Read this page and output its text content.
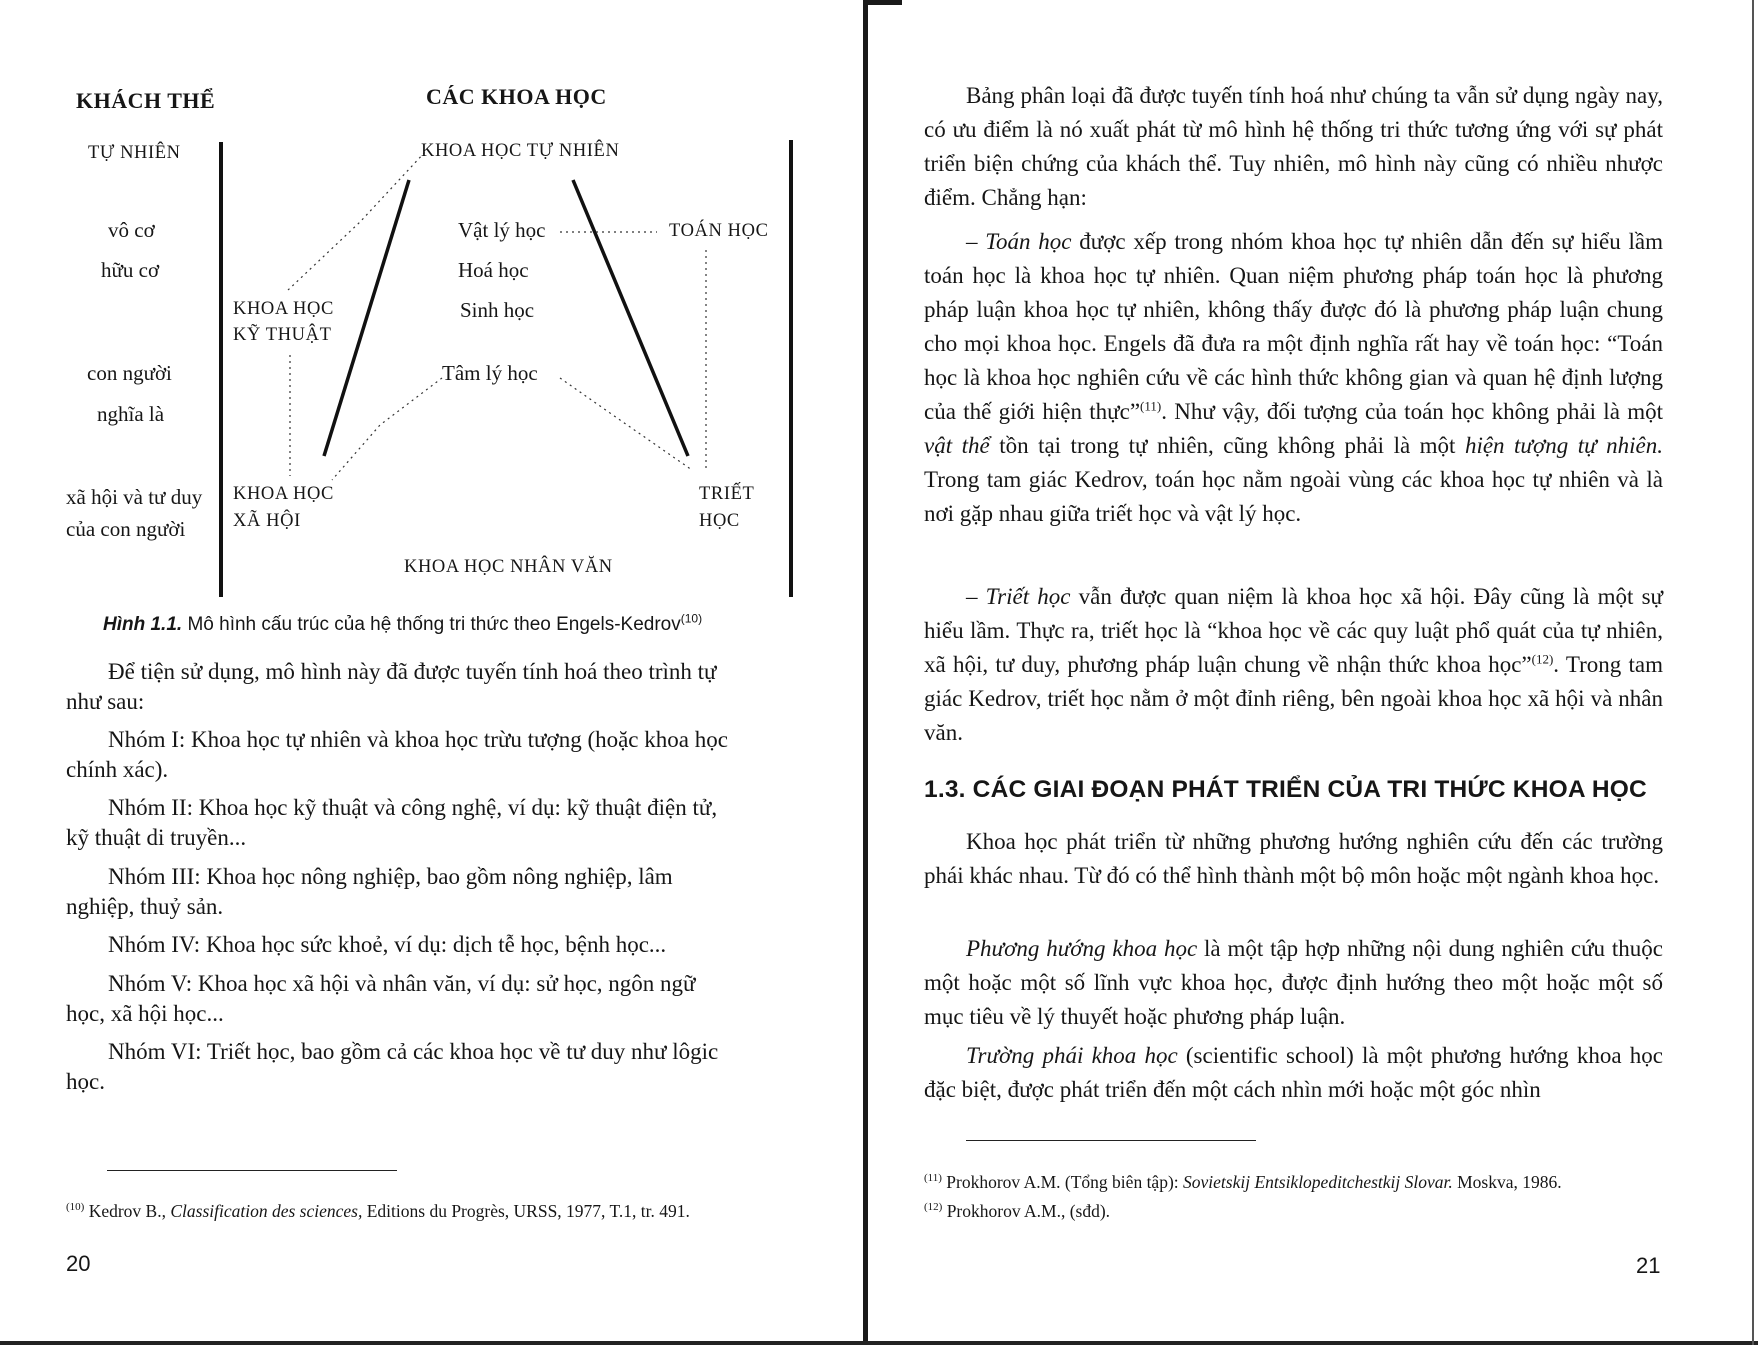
KHÁCH THỂ	CÁC KHOA HỌC
TỰ NHIÊN
vô cơ
hữu cơ
con người
nghĩa là
xã hội và tư duy
của con người
KHOA HỌC TỰ NHIÊN
Vật lý học
Hoá học
Sinh học
Tâm lý học
TOÁN HỌC
KHOA HỌC
KỸ THUẬT
KHOA HỌC
XÃ HỘI
TRIẾT
HỌC
KHOA HỌC NHÂN VĂN
Hình 1.1. Mô hình cấu trúc của hệ thống tri thức theo Engels-Kedrov$^{(10)}$

Để tiện sử dụng, mô hình này đã được tuyến tính hoá theo trình tự
như sau:

Nhóm I: Khoa học tự nhiên và khoa học trừu tượng (hoặc khoa học
chính xác).

Nhóm II: Khoa học kỹ thuật và công nghệ, ví dụ: kỹ thuật điện tử,
kỹ thuật di truyền...

Nhóm III: Khoa học nông nghiệp, bao gồm nông nghiệp, lâm
nghiệp, thuỷ sản.

Nhóm IV: Khoa học sức khoẻ, ví dụ: dịch tễ học, bệnh học...

Nhóm V: Khoa học xã hội và nhân văn, ví dụ: sử học, ngôn ngữ
học, xã hội học...

Nhóm VI: Triết học, bao gồm cả các khoa học về tư duy như lôgic
học.

$^{(10)}$ Kedrov B., Classification des sciences, Editions du Progrès, URSS, 1977, T.1, tr. 491.
20

Bảng phân loại đã được tuyến tính hoá như chúng ta vẫn sử dụng ngày nay, có ưu điểm là nó xuất phát từ mô hình hệ thống tri thức tương ứng với sự phát triển biện chứng của khách thể. Tuy nhiên, mô hình này cũng có nhiều nhược điểm. Chẳng hạn:

– Toán học được xếp trong nhóm khoa học tự nhiên dẫn đến sự hiểu lầm toán học là khoa học tự nhiên. Quan niệm phương pháp toán học là phương pháp luận khoa học tự nhiên, không thấy được đó là phương pháp luận chung cho mọi khoa học. Engels đã đưa ra một định nghĩa rất hay về toán học: “Toán học là khoa học nghiên cứu về các hình thức không gian và quan hệ định lượng của thế giới hiện thực”$^{(11)}$. Như vậy, đối tượng của toán học không phải là một vật thể tồn tại trong tự nhiên, cũng không phải là một hiện tượng tự nhiên. Trong tam giác Kedrov, toán học nằm ngoài vùng các khoa học tự nhiên và là nơi gặp nhau giữa triết học và vật lý học.

– Triết học vẫn được quan niệm là khoa học xã hội. Đây cũng là một sự hiểu lầm. Thực ra, triết học là “khoa học về các quy luật phổ quát của tự nhiên, xã hội, tư duy, phương pháp luận chung về nhận thức khoa học”$^{(12)}$. Trong tam giác Kedrov, triết học nằm ở một đỉnh riêng, bên ngoài khoa học xã hội và nhân văn.

1.3. CÁC GIAI ĐOẠN PHÁT TRIỂN CỦA TRI THỨC KHOA HỌC

Khoa học phát triển từ những phương hướng nghiên cứu đến các trường phái khác nhau. Từ đó có thể hình thành một bộ môn hoặc một ngành khoa học.

Phương hướng khoa học là một tập hợp những nội dung nghiên cứu thuộc một hoặc một số lĩnh vực khoa học, được định hướng theo một hoặc một số mục tiêu về lý thuyết hoặc phương pháp luận.

Trường phái khoa học (scientific school) là một phương hướng khoa học đặc biệt, được phát triển đến một cách nhìn mới hoặc một góc nhìn

$^{(11)}$ Prokhorov A.M. (Tổng biên tập): Sovietskij Entsiklopeditchestkij Slovar. Moskva, 1986.
$^{(12)}$ Prokhorov A.M., (sđd).
21
